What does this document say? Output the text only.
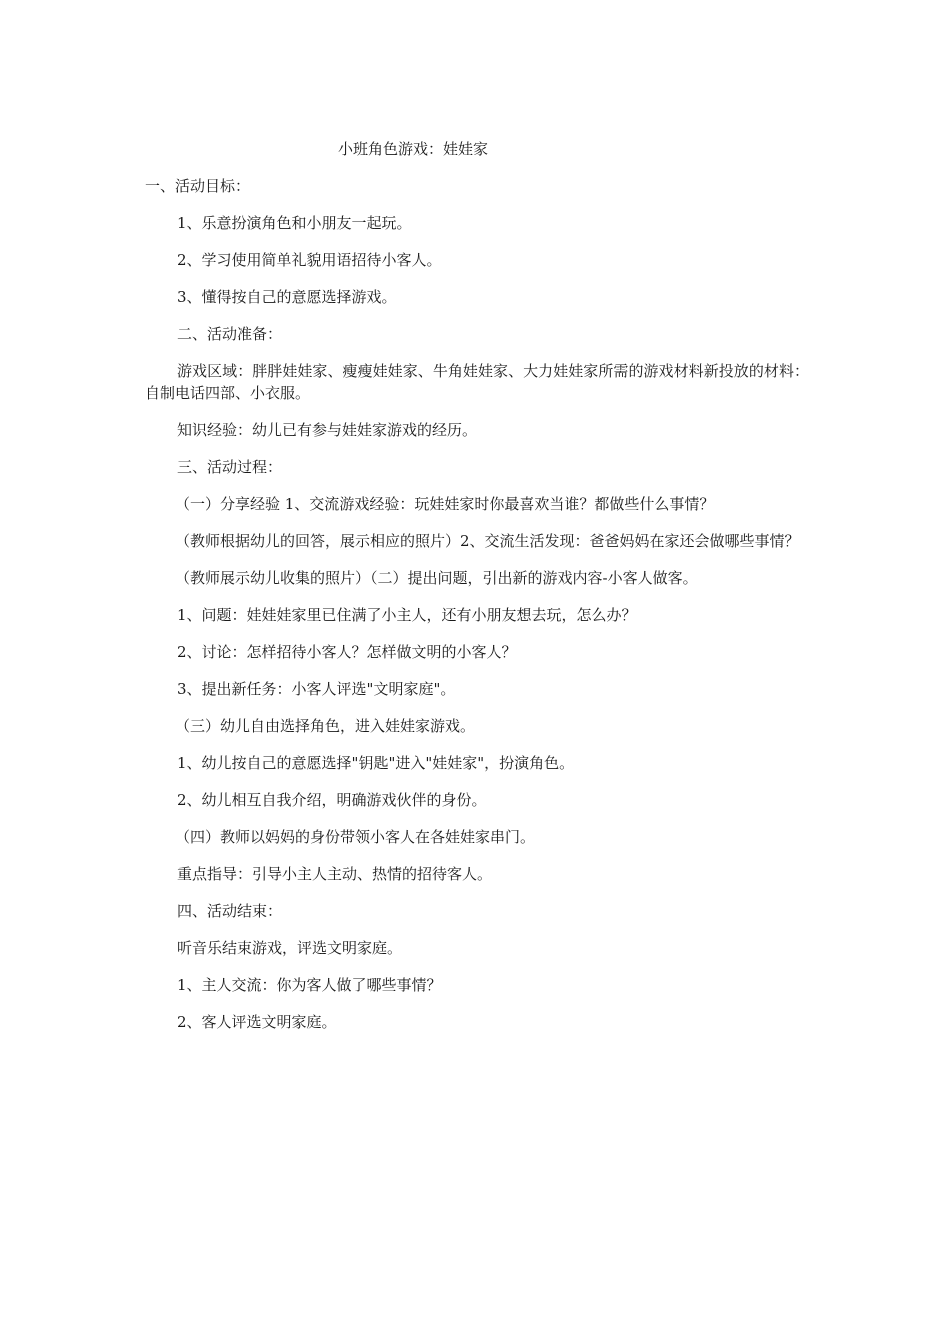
小班角色游戏：娃娃家

一、活动目标：

1、乐意扮演角色和小朋友一起玩。

2、学习使用简单礼貌用语招待小客人。

3、懂得按自己的意愿选择游戏。

二、活动准备：

游戏区域：胖胖娃娃家、瘦瘦娃娃家、牛角娃娃家、大力娃娃家所需的游戏材料新投放的材料：自制电话四部、小衣服。

知识经验：幼儿已有参与娃娃家游戏的经历。

三、活动过程：

（一）分享经验 1、交流游戏经验：玩娃娃家时你最喜欢当谁？都做些什么事情？

（教师根据幼儿的回答，展示相应的照片）2、交流生活发现：爸爸妈妈在家还会做哪些事情？

（教师展示幼儿收集的照片）（二）提出问题，引出新的游戏内容-小客人做客。

1、问题：娃娃娃家里已住满了小主人，还有小朋友想去玩，怎么办？

2、讨论：怎样招待小客人？怎样做文明的小客人？

3、提出新任务：小客人评选"文明家庭"。

（三）幼儿自由选择角色，进入娃娃家游戏。

1、幼儿按自己的意愿选择"钥匙"进入"娃娃家"，扮演角色。

2、幼儿相互自我介绍，明确游戏伙伴的身份。

（四）教师以妈妈的身份带领小客人在各娃娃家串门。

重点指导：引导小主人主动、热情的招待客人。

四、活动结束：

听音乐结束游戏，评选文明家庭。

1、主人交流：你为客人做了哪些事情？

2、客人评选文明家庭。
